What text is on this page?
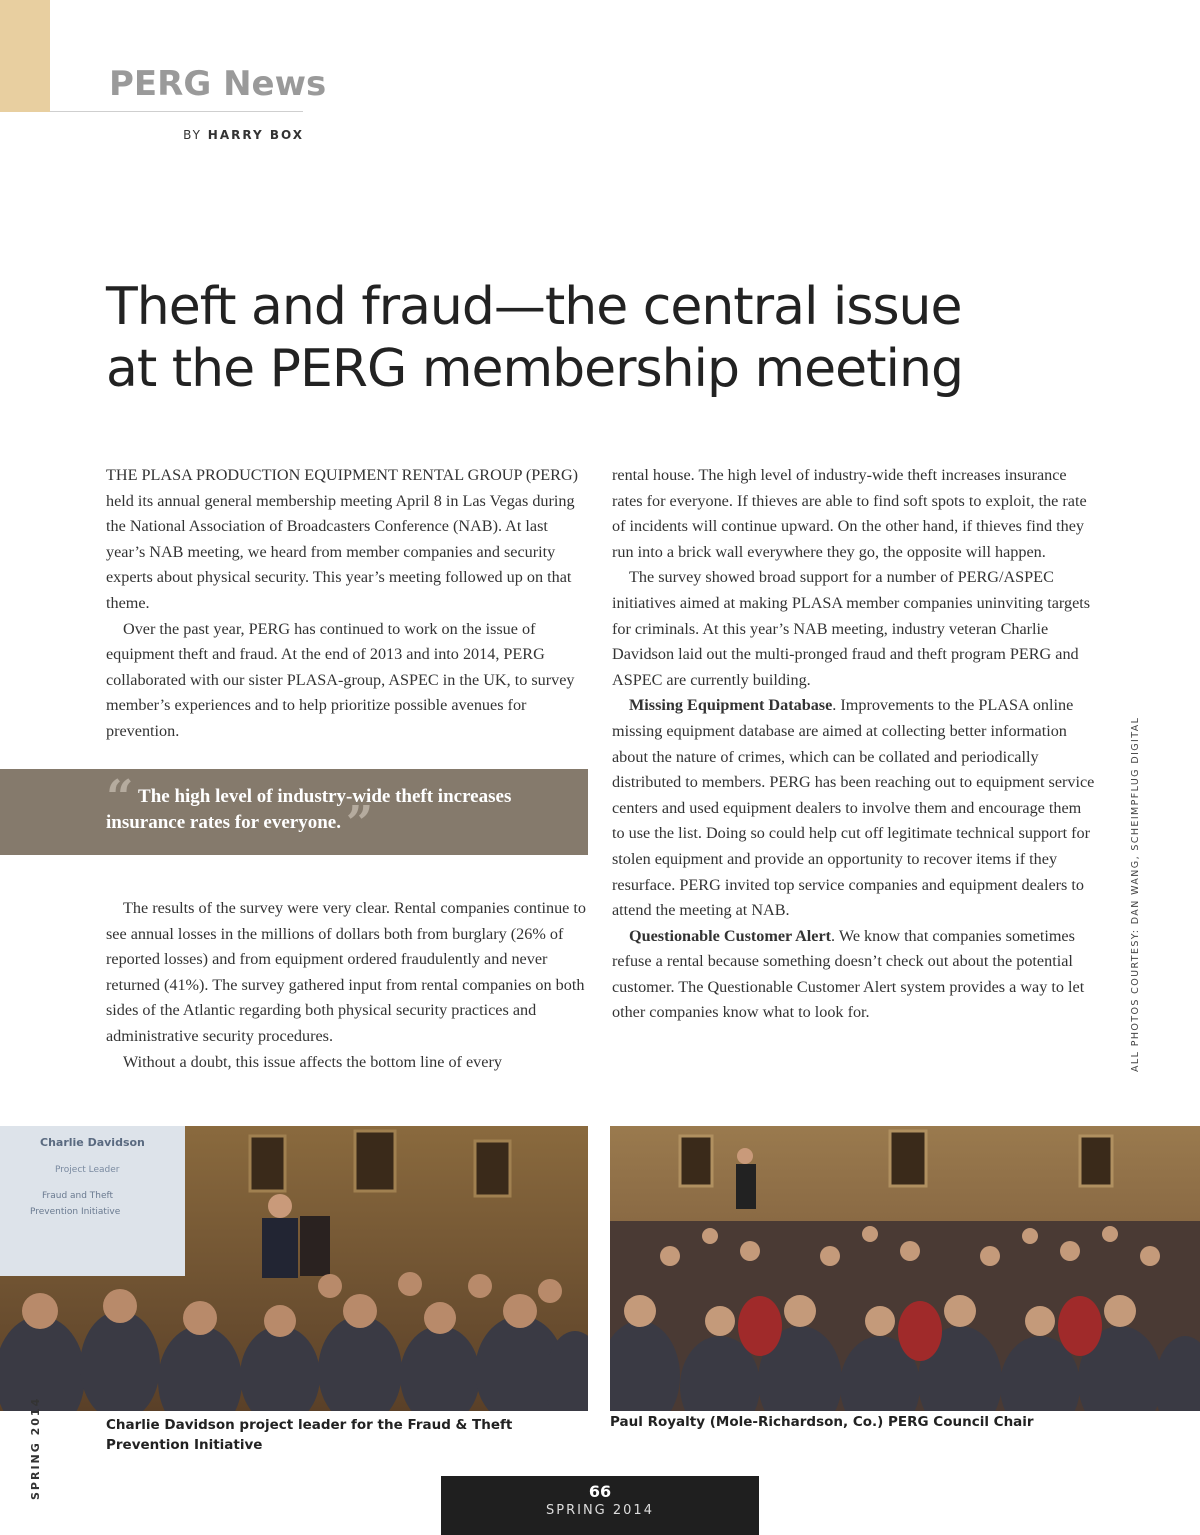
PERG News
BY HARRY BOX
Theft and fraud—the central issue at the PERG membership meeting

THE PLASA PRODUCTION EQUIPMENT RENTAL GROUP (PERG) held its annual general membership meeting April 8 in Las Vegas during the National Association of Broadcasters Conference (NAB). At last year’s NAB meeting, we heard from member companies and security experts about physical security. This year’s meeting followed up on that theme.

Over the past year, PERG has continued to work on the issue of equipment theft and fraud. At the end of 2013 and into 2014, PERG collaborated with our sister PLASA-group, ASPEC in the UK, to survey member’s experiences and to help prioritize possible avenues for prevention.

“ The high level of industry-wide theft increases insurance rates for everyone. ”

The results of the survey were very clear. Rental companies continue to see annual losses in the millions of dollars both from burglary (26% of reported losses) and from equipment ordered fraudulently and never returned (41%). The survey gathered input from rental companies on both sides of the Atlantic regarding both physical security practices and administrative security procedures.

Without a doubt, this issue affects the bottom line of every

rental house. The high level of industry-wide theft increases insurance rates for everyone. If thieves are able to find soft spots to exploit, the rate of incidents will continue upward. On the other hand, if thieves find they run into a brick wall everywhere they go, the opposite will happen.

The survey showed broad support for a number of PERG/ASPEC initiatives aimed at making PLASA member companies uninviting targets for criminals. At this year’s NAB meeting, industry veteran Charlie Davidson laid out the multi-pronged fraud and theft program PERG and ASPEC are currently building.

Missing Equipment Database. Improvements to the PLASA online missing equipment database are aimed at collecting better information about the nature of crimes, which can be collated and periodically distributed to members. PERG has been reaching out to equipment service centers and used equipment dealers to involve them and encourage them to use the list. Doing so could help cut off legitimate technical support for stolen equipment and provide an opportunity to recover items if they resurface. PERG invited top service companies and equipment dealers to attend the meeting at NAB.

Questionable Customer Alert. We know that companies sometimes refuse a rental because something doesn’t check out about the potential customer. The Questionable Customer Alert system provides a way to let other companies know what to look for.	ALL PHOTOS COURTESY: DAN WANG, SCHEIMPFLUG DIGITAL
Charlie Davidson
Project Leader
Fraud and Theft
Prevention Initiative
Charlie Davidson project leader for the Fraud & Theft Prevention Initiative
Paul Royalty (Mole-Richardson, Co.) PERG Council Chair
SPRING 2014	66
SPRING 2014
